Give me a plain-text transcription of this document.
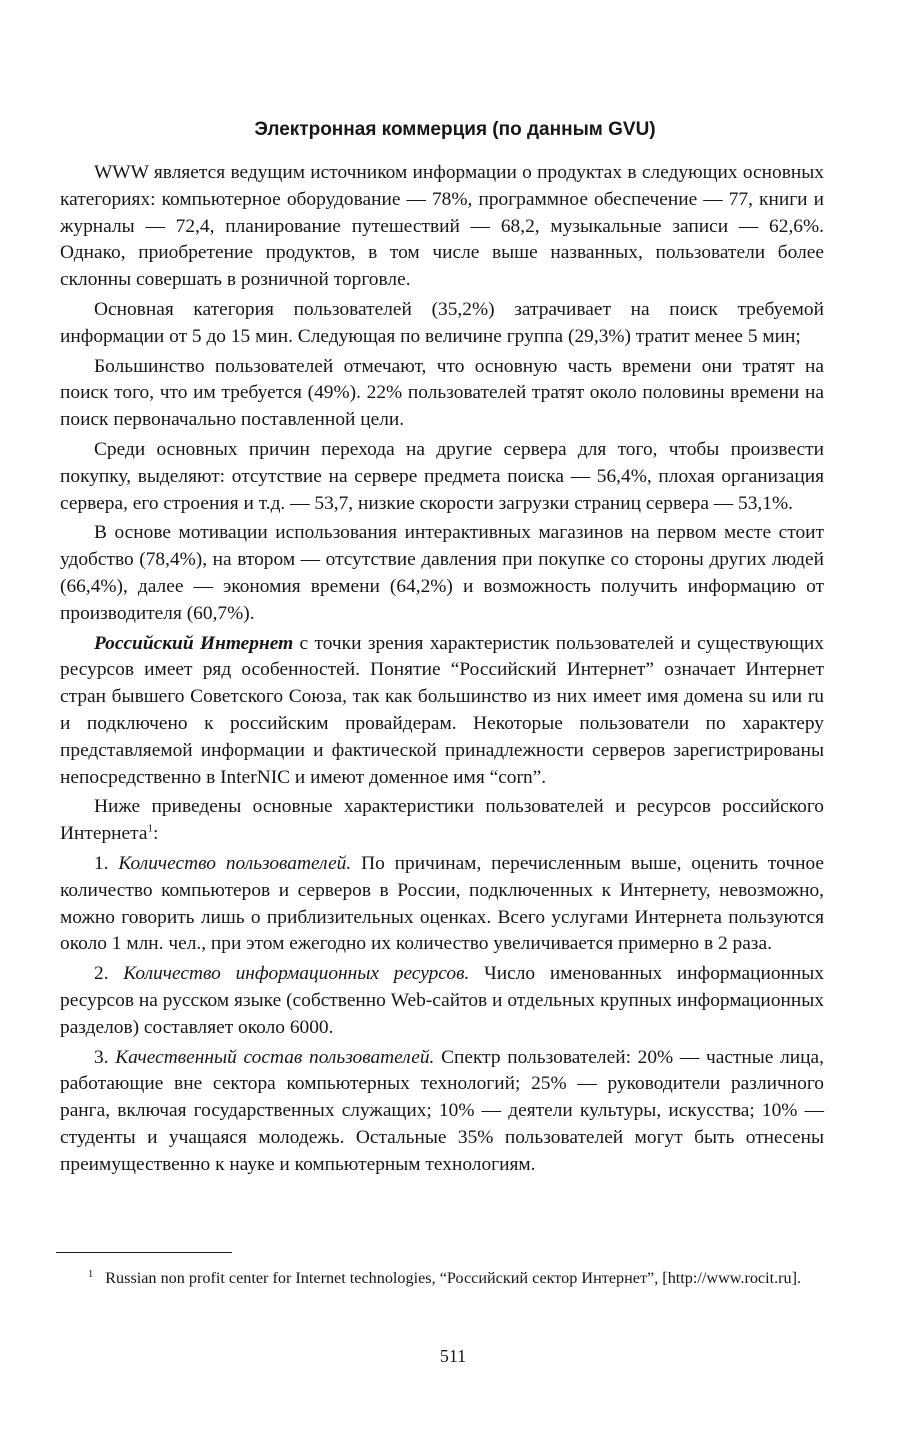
Электронная коммерция (по данным GVU)

WWW является ведущим источником информации о продуктах в следующих основных категориях: компьютерное оборудование — 78%, программное обеспечение — 77, книги и журналы — 72,4, планирование путешествий — 68,2, музыкальные записи — 62,6%. Однако, приобретение продуктов, в том числе выше названных, пользователи более склонны совершать в розничной торговле.

Основная категория пользователей (35,2%) затрачивает на поиск требуемой информации от 5 до 15 мин. Следующая по величине группа (29,3%) тратит менее 5 мин;

Большинство пользователей отмечают, что основную часть времени они тратят на поиск того, что им требуется (49%). 22% пользователей тратят около половины времени на поиск первоначально поставленной цели.

Среди основных причин перехода на другие сервера для того, чтобы произвести покупку, выделяют: отсутствие на сервере предмета поиска — 56,4%, плохая организация сервера, его строения и т.д. — 53,7, низкие скорости загрузки страниц сервера — 53,1%.

В основе мотивации использования интерактивных магазинов на первом месте стоит удобство (78,4%), на втором — отсутствие давления при покупке со стороны других людей (66,4%), далее — экономия времени (64,2%) и возможность получить информацию от производителя (60,7%).

Российский Интернет с точки зрения характеристик пользователей и существующих ресурсов имеет ряд особенностей. Понятие “Российский Интернет” означает Интернет стран бывшего Советского Союза, так как большинство из них имеет имя домена su или ru и подключено к российским провайдерам. Некоторые пользователи по характеру представляемой информации и фактической принадлежности серверов зарегистрированы непосредственно в InterNIC и имеют доменное имя “corn”.

Ниже приведены основные характеристики пользователей и ресурсов российского Интернета$^1$:

1. Количество пользователей. По причинам, перечисленным выше, оценить точное количество компьютеров и серверов в России, подключенных к Интернету, невозможно, можно говорить лишь о приблизительных оценках. Всего услугами Интернета пользуются около 1 млн. чел., при этом ежегодно их количество увеличивается примерно в 2 раза.

2. Количество информационных ресурсов. Число именованных информационных ресурсов на русском языке (собственно Web-сайтов и отдельных крупных информационных разделов) составляет около 6000.

3. Качественный состав пользователей. Спектр пользователей: 20% — частные лица, работающие вне сектора компьютерных технологий; 25% — руководители различного ранга, включая государственных служащих; 10% — деятели культуры, искусства; 10% — студенты и учащаяся молодежь. Остальные 35% пользователей могут быть отнесены преимущественно к науке и компьютерным технологиям.

$^1$ Russian non profit center for Internet technologies, “Российский сектор Интернет”, [http://www.rocit.ru].
511
